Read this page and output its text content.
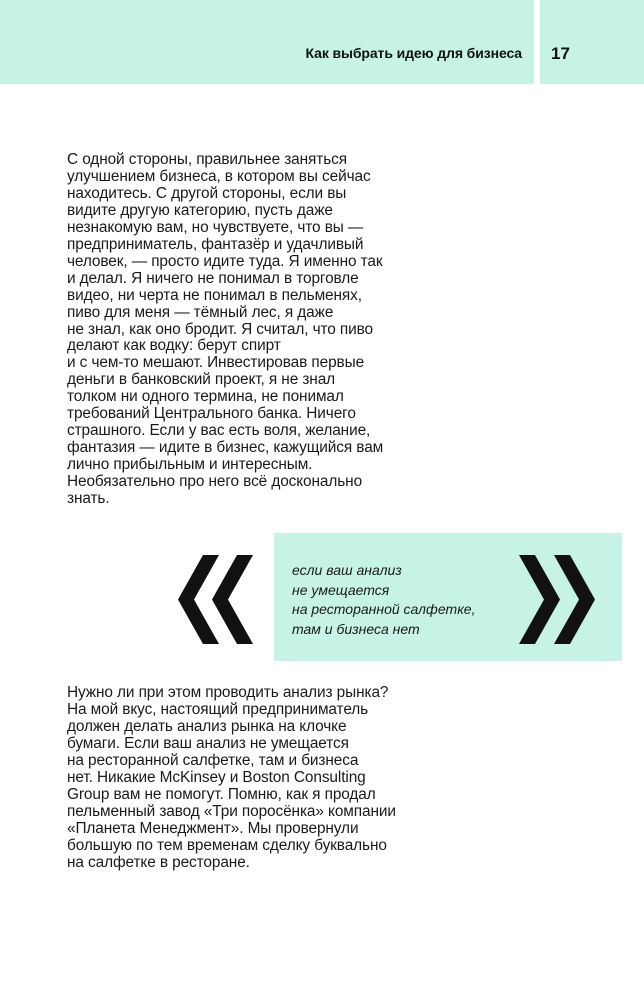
Как выбрать идею для бизнеса 17

С одной стороны, правильнее заняться
улучшением бизнеса, в котором вы сейчас
находитесь. С другой стороны, если вы
видите другую категорию, пусть даже
незнакомую вам, но чувствуете, что вы —
предприниматель, фантазёр и удачливый
человек, — просто идите туда. Я именно так
и делал. Я ничего не понимал в торговле
видео, ни черта не понимал в пельменях,
пиво для меня — тёмный лес, я даже
не знал, как оно бродит. Я считал, что пиво
делают как водку: берут спирт
и с чем-то мешают. Инвестировав первые
деньги в банковский проект, я не знал
толком ни одного термина, не понимал
требований Центрального банка. Ничего
страшного. Если у вас есть воля, желание,
фантазия — идите в бизнес, кажущийся вам
лично прибыльным и интересным.
Необязательно про него всё досконально
знать.

если ваш анализ
не умещается
на ресторанной салфетке,
там и бизнеса нет

Нужно ли при этом проводить анализ рынка?
На мой вкус, настоящий предприниматель
должен делать анализ рынка на клочке
бумаги. Если ваш анализ не умещается
на ресторанной салфетке, там и бизнеса
нет. Никакие McKinsey и Boston Consulting
Group вам не помогут. Помню, как я продал
пельменный завод «Три поросёнка» компании
«Планета Менеджмент». Мы провернули
большую по тем временам сделку буквально
на салфетке в ресторане.
